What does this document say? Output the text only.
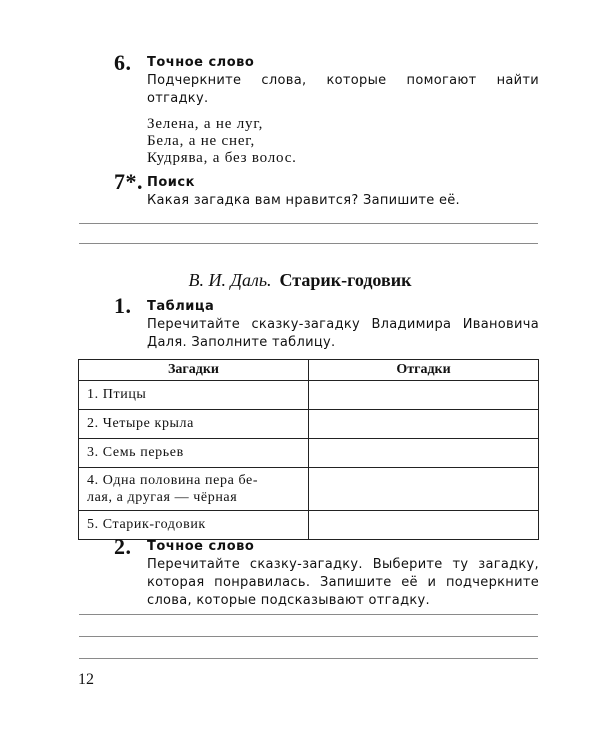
6. Точное слово
Подчеркните слова, которые помогают найти
отгадку.
Зелена, а не луг,
Бела, а не снег,
Кудрява, а без волос.
7*. Поиск
Какая загадка вам нравится? Запишите её.
В. И. Даль. Старик-годовик
1. Таблица
Перечитайте сказку-загадку Владимира Ивановича
Даля. Заполните таблицу.
Загадки	Отгадки
1. Птицы	
2. Четыре крыла	
3. Семь перьев	

4. Одна половина пера бе-
лая, а другая — чёрная	

5. Старик-годовик	
2. Точное слово
Перечитайте сказку-загадку. Выберите ту загадку,
которая понравилась. Запишите её и подчеркните
слова, которые подсказывают отгадку.
12
